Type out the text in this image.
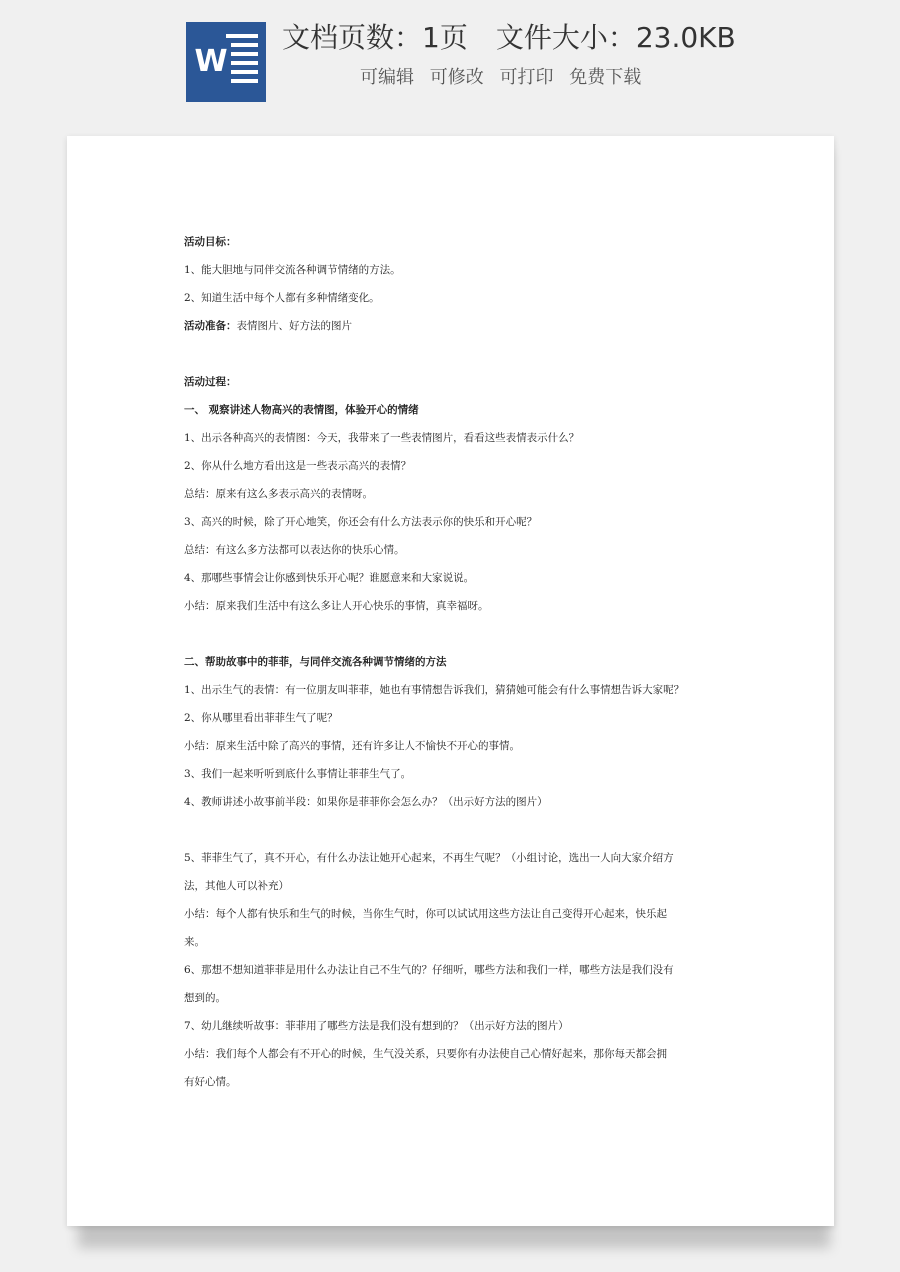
W
文档页数：1页 文件大小：23.0KB
可编辑 可修改 可打印 免费下载
活动目标：
1、能大胆地与同伴交流各种调节情绪的方法。
2、知道生活中每个人都有多种情绪变化。
活动准备：表情图片、好方法的图片
活动过程：
一、 观察讲述人物高兴的表情图，体验开心的情绪
1、出示各种高兴的表情图：今天，我带来了一些表情图片，看看这些表情表示什么？
2、你从什么地方看出这是一些表示高兴的表情？
总结：原来有这么多表示高兴的表情呀。
3、高兴的时候，除了开心地笑，你还会有什么方法表示你的快乐和开心呢？
总结：有这么多方法都可以表达你的快乐心情。
4、那哪些事情会让你感到快乐开心呢？谁愿意来和大家说说。
小结：原来我们生活中有这么多让人开心快乐的事情，真幸福呀。
二、帮助故事中的菲菲，与同伴交流各种调节情绪的方法
1、出示生气的表情：有一位朋友叫菲菲，她也有事情想告诉我们，猜猜她可能会有什么事情想告诉大家呢？
2、你从哪里看出菲菲生气了呢？
小结：原来生活中除了高兴的事情，还有许多让人不愉快不开心的事情。
3、我们一起来听听到底什么事情让菲菲生气了。
4、教师讲述小故事前半段：如果你是菲菲你会怎么办？（出示好方法的图片）
5、菲菲生气了，真不开心，有什么办法让她开心起来，不再生气呢？（小组讨论，选出一人向大家介绍方
法，其他人可以补充）
小结：每个人都有快乐和生气的时候，当你生气时，你可以试试用这些方法让自己变得开心起来，快乐起
来。
6、那想不想知道菲菲是用什么办法让自己不生气的？仔细听，哪些方法和我们一样，哪些方法是我们没有
想到的。
7、幼儿继续听故事：菲菲用了哪些方法是我们没有想到的？（出示好方法的图片）
小结：我们每个人都会有不开心的时候，生气没关系，只要你有办法使自己心情好起来，那你每天都会拥
有好心情。
